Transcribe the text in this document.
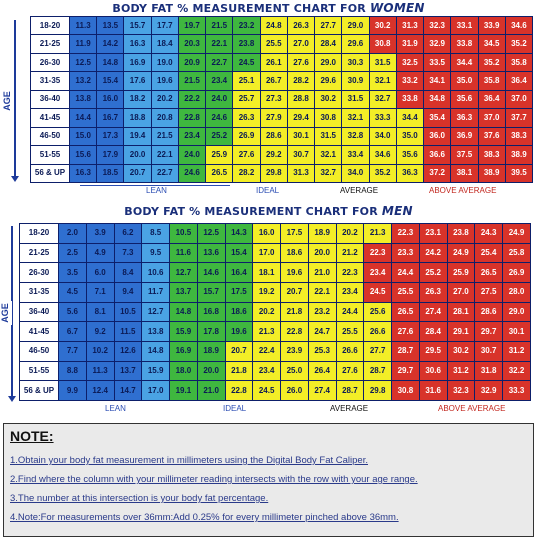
BODY FAT % MEASUREMENT CHART FOR WOMEN
AGE
18-20	11.3	13.5	15.7	17.7	19.7	21.5	23.2	24.8	26.3	27.7	29.0	30.2	31.3	32.3	33.1	33.9	34.6
21-25	11.9	14.2	16.3	18.4	20.3	22.1	23.8	25.5	27.0	28.4	29.6	30.8	31.9	32.9	33.8	34.5	35.2
26-30	12.5	14.8	16.9	19.0	20.9	22.7	24.5	26.1	27.6	29.0	30.3	31.5	32.5	33.5	34.4	35.2	35.8
31-35	13.2	15.4	17.6	19.6	21.5	23.4	25.1	26.7	28.2	29.6	30.9	32.1	33.2	34.1	35.0	35.8	36.4
36-40	13.8	16.0	18.2	20.2	22.2	24.0	25.7	27.3	28.8	30.2	31.5	32.7	33.8	34.8	35.6	36.4	37.0
41-45	14.4	16.7	18.8	20.8	22.8	24.6	26.3	27.9	29.4	30.8	32.1	33.3	34.4	35.4	36.3	37.0	37.7
46-50	15.0	17.3	19.4	21.5	23.4	25.2	26.9	28.6	30.1	31.5	32.8	34.0	35.0	36.0	36.9	37.6	38.3
51-55	15.6	17.9	20.0	22.1	24.0	25.9	27.6	29.2	30.7	32.1	33.4	34.6	35.6	36.6	37.5	38.3	38.9
56 & UP	16.3	18.5	20.7	22.7	24.6	26.5	28.2	29.8	31.3	32.7	34.0	35.2	36.3	37.2	38.1	38.9	39.5
LEAN	IDEAL	AVERAGE	ABOVE AVERAGE
BODY FAT % MEASUREMENT CHART FOR MEN
AGE
18-20	2.0	3.9	6.2	8.5	10.5	12.5	14.3	16.0	17.5	18.9	20.2	21.3	22.3	23.1	23.8	24.3	24.9
21-25	2.5	4.9	7.3	9.5	11.6	13.6	15.4	17.0	18.6	20.0	21.2	22.3	23.3	24.2	24.9	25.4	25.8
26-30	3.5	6.0	8.4	10.6	12.7	14.6	16.4	18.1	19.6	21.0	22.3	23.4	24.4	25.2	25.9	26.5	26.9
31-35	4.5	7.1	9.4	11.7	13.7	15.7	17.5	19.2	20.7	22.1	23.4	24.5	25.5	26.3	27.0	27.5	28.0
36-40	5.6	8.1	10.5	12.7	14.8	16.8	18.6	20.2	21.8	23.2	24.4	25.6	26.5	27.4	28.1	28.6	29.0
41-45	6.7	9.2	11.5	13.8	15.9	17.8	19.6	21.3	22.8	24.7	25.5	26.6	27.6	28.4	29.1	29.7	30.1
46-50	7.7	10.2	12.6	14.8	16.9	18.9	20.7	22.4	23.9	25.3	26.6	27.7	28.7	29.5	30.2	30.7	31.2
51-55	8.8	11.3	13.7	15.9	18.0	20.0	21.8	23.4	25.0	26.4	27.6	28.7	29.7	30.6	31.2	31.8	32.2
56 & UP	9.9	12.4	14.7	17.0	19.1	21.0	22.8	24.5	26.0	27.4	28.7	29.8	30.8	31.6	32.3	32.9	33.3
LEAN	IDEAL	AVERAGE	ABOVE AVERAGE
NOTE:
1.Obtain your body fat measurement in millimeters using the Digital Body Fat Caliper.
2.Find where the column with your millimeter reading intersects with the row with your age range.
3.The number at this intersection is your body fat percentage.
4.Note:For measurements over 36mm:Add 0.25% for every millimeter pinched above 36mm.
